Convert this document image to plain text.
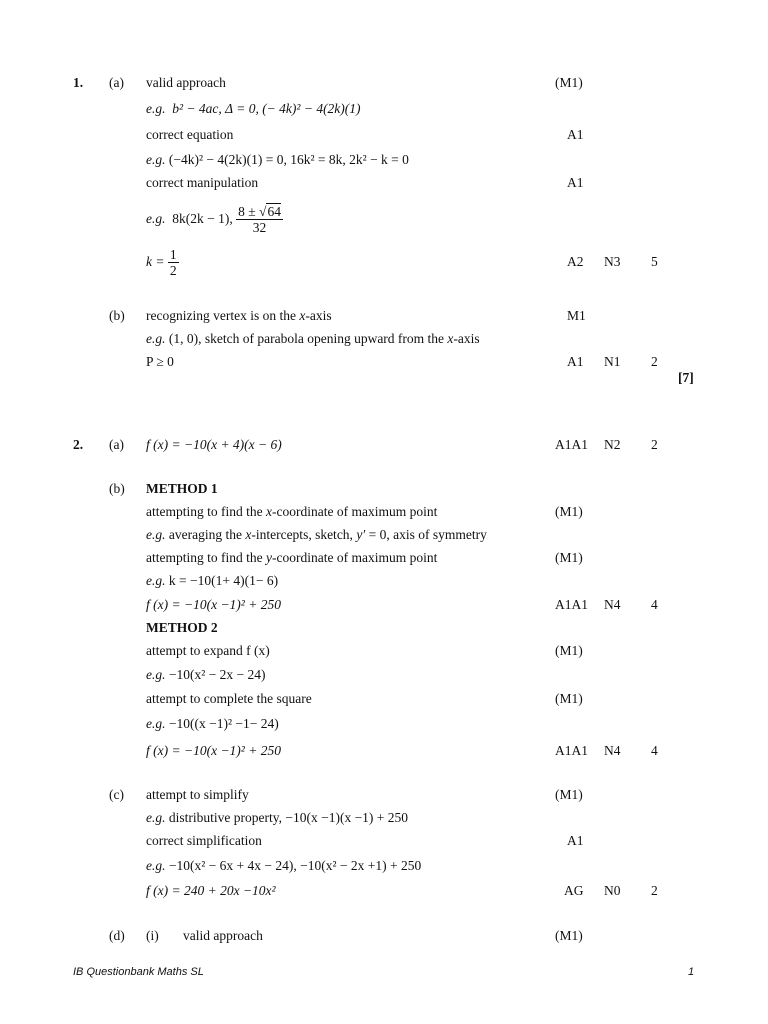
1. (a) valid approach	(M1)
e.g. b² − 4ac, Δ = 0, (− 4k)² − 4(2k)(1)
correct equation	A1
e.g. (−4k)² − 4(2k)(1) = 0, 16k² = 8k, 2k² − k = 0
correct manipulation	A1
e.g. 8k(2k − 1), $\frac{8 \pm √64}{32}$
$k = \frac{1}{2}$	A2 N3 5
(b) recognizing vertex is on the x-axis	M1
e.g. (1, 0), sketch of parabola opening upward from the x-axis
P ≥ 0	A1 N1 2
[7]
2. (a) f (x) = −10(x + 4)(x − 6)	A1A1 N2 2
(b) METHOD 1
attempting to find the x-coordinate of maximum point	(M1)
e.g. averaging the x-intercepts, sketch, y′ = 0, axis of symmetry
attempting to find the y-coordinate of maximum point	(M1)
e.g. k = −10(1+ 4)(1− 6)
f (x) = −10(x −1)² + 250	A1A1 N4 4
METHOD 2
attempt to expand f (x)	(M1)
e.g. −10(x² − 2x − 24)
attempt to complete the square	(M1)
e.g. −10((x −1)² −1− 24)
f (x) = −10(x −1)² + 250	A1A1 N4 4
(c) attempt to simplify	(M1)
e.g. distributive property, −10(x −1)(x −1) + 250
correct simplification	A1
e.g. −10(x² − 6x + 4x − 24), −10(x² − 2x +1) + 250
f (x) = 240 + 20x −10x²	AG N0 2
(d) (i) valid approach	(M1)
IB Questionbank Maths SL	1
